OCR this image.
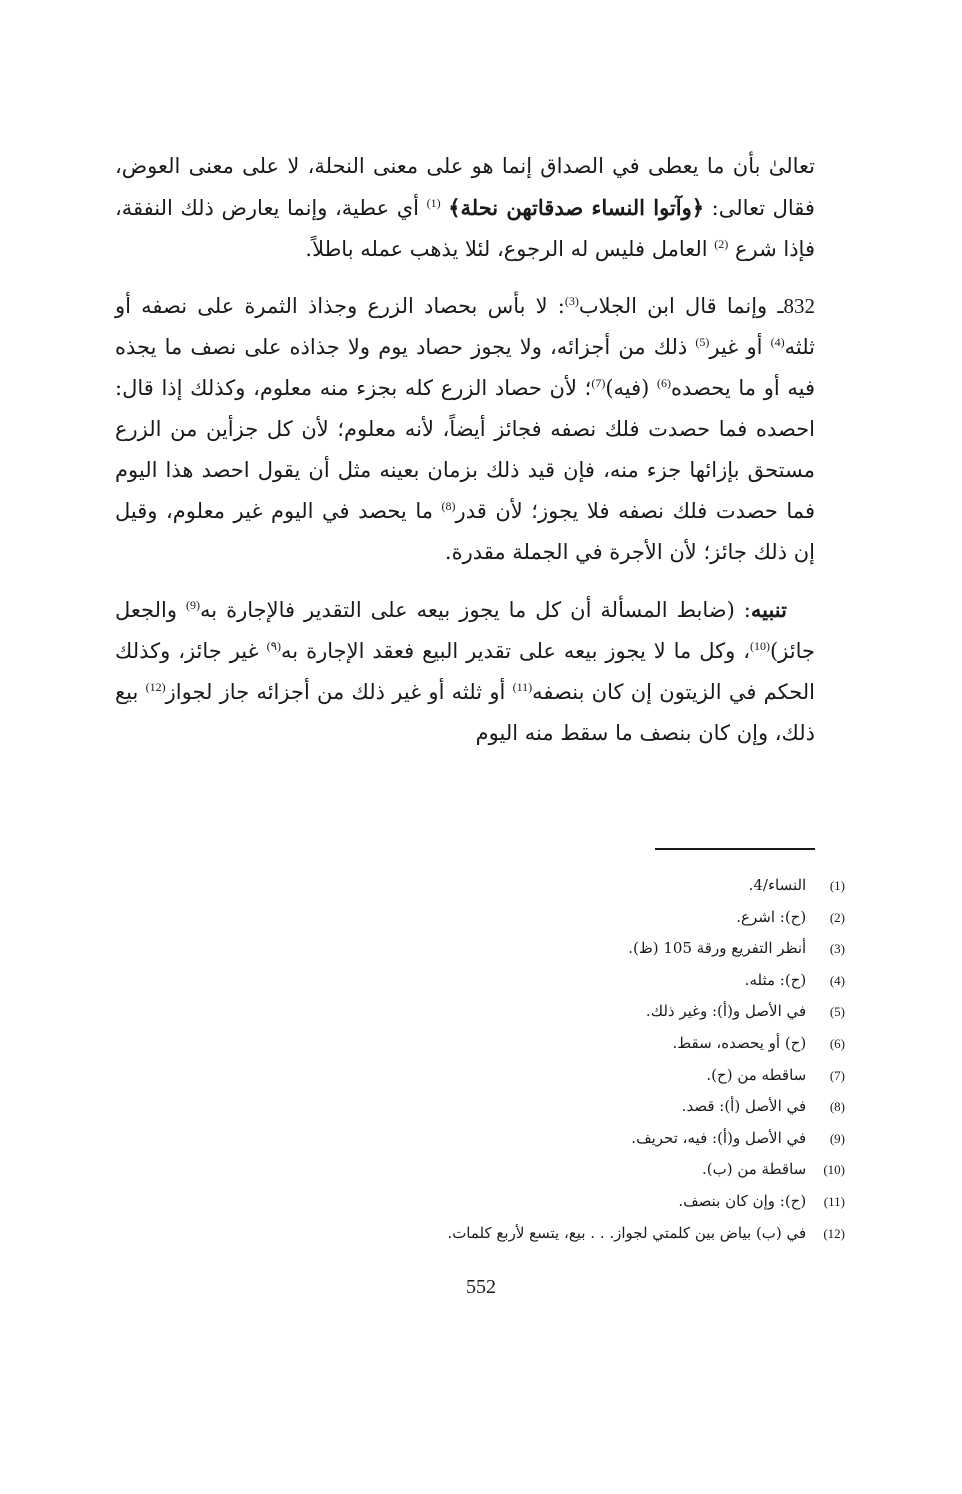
تعالىٰ بأن ما يعطى في الصداق إنما هو على معنى النحلة، لا على معنى العوض، فقال تعالى: ﴿وآتوا النساء صدقاتهن نحلة﴾ $^{(1)}$ أي عطية، وإنما يعارض ذلك النفقة، فإذا شرع $^{(2)}$ العامل فليس له الرجوع، لئلا يذهب عمله باطلاً.

832ـ وإنما قال ابن الجلاب$^{(3)}$: لا بأس بحصاد الزرع وجذاذ الثمرة على نصفه أو ثلثه$^{(4)}$ أو غير$^{(5)}$ ذلك من أجزائه، ولا يجوز حصاد يوم ولا جذاذه على نصف ما يجذه فيه أو ما يحصده$^{(6)}$ (فيه)$^{(7)}$؛ لأن حصاد الزرع كله بجزء منه معلوم، وكذلك إذا قال: احصده فما حصدت فلك نصفه فجائز أيضاً، لأنه معلوم؛ لأن كل جزأين من الزرع مستحق بإزائها جزء منه، فإن قيد ذلك بزمان بعينه مثل أن يقول احصد هذا اليوم فما حصدت فلك نصفه فلا يجوز؛ لأن قدر$^{(8)}$ ما يحصد في اليوم غير معلوم، وقيل إن ذلك جائز؛ لأن الأجرة في الجملة مقدرة.

تنبيه: (ضابط المسألة أن كل ما يجوز بيعه على التقدير فالإجارة به$^{(9)}$ والجعل جائز)$^{(10)}$، وكل ما لا يجوز بيعه على تقدير البيع فعقد الإجارة به$^{(٩)}$ غير جائز، وكذلك الحكم في الزيتون إن كان بنصفه$^{(11)}$ أو ثلثه أو غير ذلك من أجزائه جاز لجواز$^{(12)}$ بيع ذلك، وإن كان بنصف ما سقط منه اليوم

(1) النساء/4.
(2) (ح): اشرع.
(3) أنظر التفريع ورقة 105 (ظ).
(4) (ح): مثله.
(5) في الأصل و(أ): وغير ذلك.
(6) (ح) أو يحصده، سقط.
(7) ساقطه من (ح).
(8) في الأصل (أ): قصد.
(9) في الأصل و(أ): فيه، تحريف.
(10) ساقطة من (ب).
(11) (ح): وإن كان بنصف.
(12) في (ب) بياض بين كلمتي لجواز. . . بيع، يتسع لأربع كلمات.
552
